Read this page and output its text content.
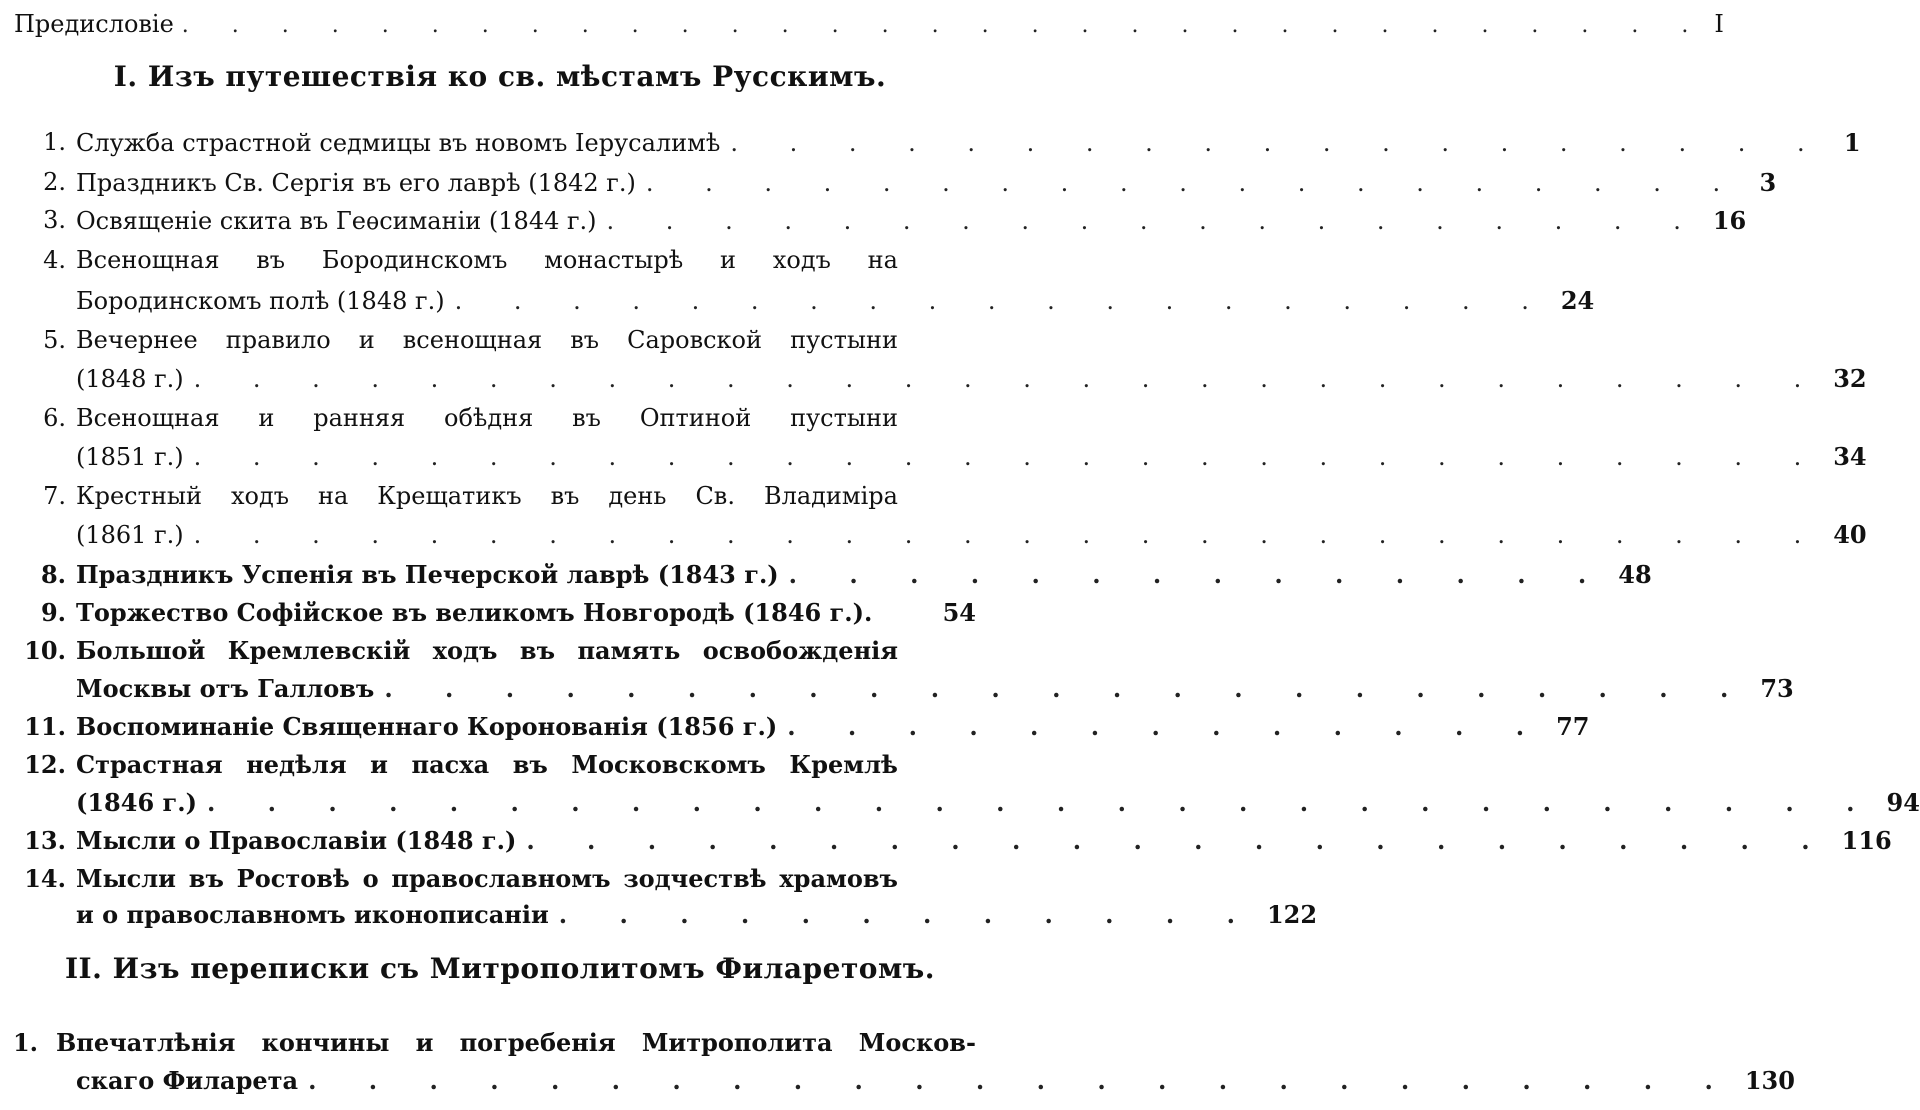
Предисловіе . . . . . . . . . . . . . . . . . . . . . . . . . . . . . . . I
I. Изъ путешествія ко св. мѣстамъ Русскимъ.
1. Служба страстной седмицы въ новомъ Іерусалимѣ . . . . . . . . . . . . . . . . . . . 1
2. Праздникъ Св. Сергія въ его лаврѣ (1842 г.) . . . . . . . . . . . . . . . . . . . 3
3. Освященіе скита въ Геѳсиманіи (1844 г.) . . . . . . . . . . . . . . . . . . . 16
4. Всенощная въ Бородинскомъ монастырѣ и ходъ на
Бородинскомъ полѣ (1848 г.) . . . . . . . . . . . . . . . . . . . 24
5. Вечернее правило и всенощная въ Саровской пустыни
(1848 г.) . . . . . . . . . . . . . . . . . . . . . . . . . . . . 32
6. Всенощная и ранняя обѣдня въ Оптиной пустыни
(1851 г.) . . . . . . . . . . . . . . . . . . . . . . . . . . . . 34
7. Крестный ходъ на Крещатикъ въ день Св. Владиміра
(1861 г.) . . . . . . . . . . . . . . . . . . . . . . . . . . . . 40
8. Праздникъ Успенія въ Печерской лаврѣ (1843 г.) . . . . . . . . . . . . . . 48
9. Торжество Софійское въ великомъ Новгородѣ (1846 г.).	54
10. Большой Кремлевскій ходъ въ память освобожденія
Москвы отъ Галловъ . . . . . . . . . . . . . . . . . . . . . . . 73
11. Воспоминаніе Священнаго Коронованія (1856 г.) . . . . . . . . . . . . . 77
12. Страстная недѣля и пасха въ Московскомъ Кремлѣ
(1846 г.) . . . . . . . . . . . . . . . . . . . . . . . . . . . . 94
13. Мысли о Православіи (1848 г.) . . . . . . . . . . . . . . . . . . . . . . 116
14. Мысли въ Ростовѣ о православномъ зодчествѣ храмовъ
и о православномъ иконописаніи . . . . . . . . . . . . 122
II. Изъ переписки съ Митрополитомъ Филаретомъ.
1. Впечатлѣнія кончины и погребенія Митрополита Москов-
скаго Филарета . . . . . . . . . . . . . . . . . . . . . . . . 130
